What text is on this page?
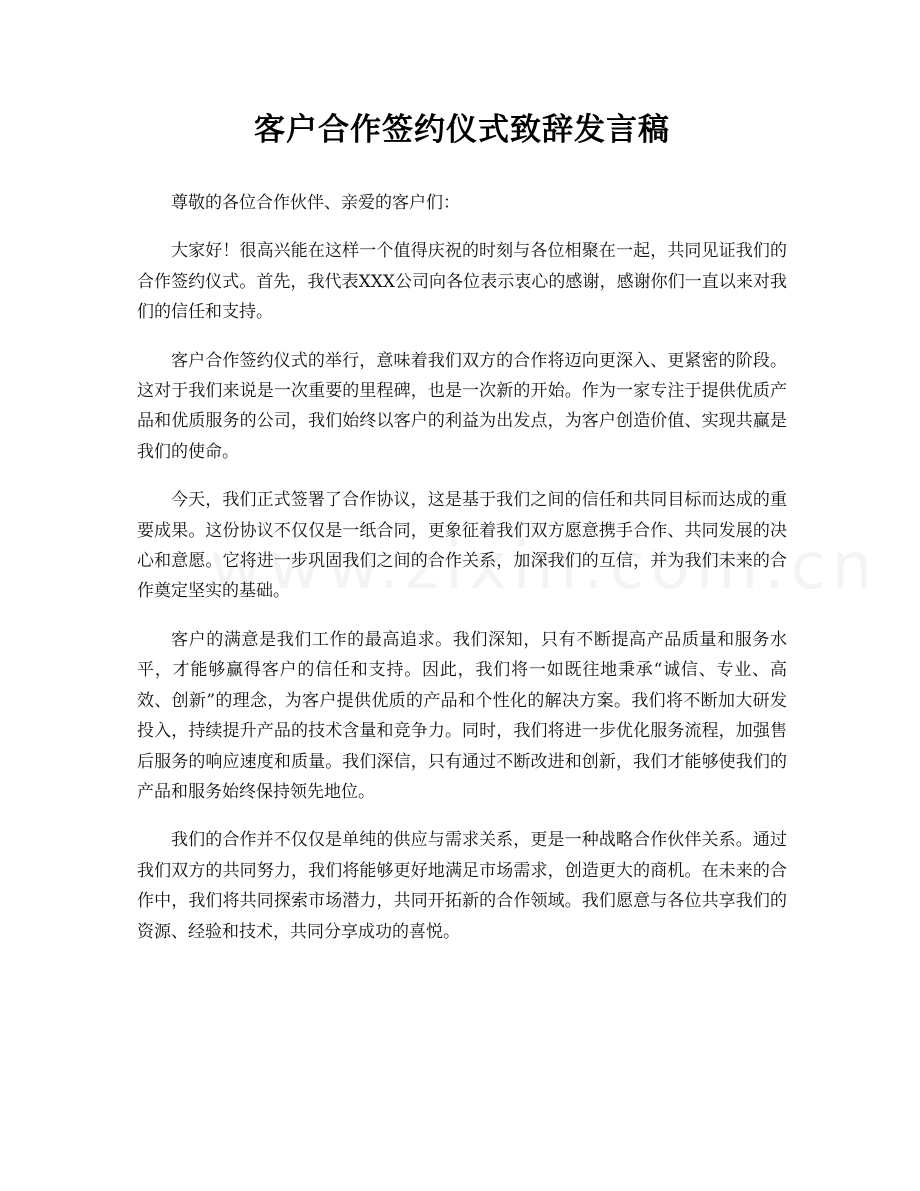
客户合作签约仪式致辞发言稿

尊敬的各位合作伙伴、亲爱的客户们：

大家好！很高兴能在这样一个值得庆祝的时刻与各位相聚在一起，共同见证我们的合作签约仪式。首先，我代表XXX公司向各位表示衷心的感谢，感谢你们一直以来对我们的信任和支持。

客户合作签约仪式的举行，意味着我们双方的合作将迈向更深入、更紧密的阶段。这对于我们来说是一次重要的里程碑，也是一次新的开始。作为一家专注于提供优质产品和优质服务的公司，我们始终以客户的利益为出发点，为客户创造价值、实现共赢是我们的使命。

今天，我们正式签署了合作协议，这是基于我们之间的信任和共同目标而达成的重要成果。这份协议不仅仅是一纸合同，更象征着我们双方愿意携手合作、共同发展的决心和意愿。它将进一步巩固我们之间的合作关系，加深我们的互信，并为我们未来的合作奠定坚实的基础。

客户的满意是我们工作的最高追求。我们深知，只有不断提高产品质量和服务水平，才能够赢得客户的信任和支持。因此，我们将一如既往地秉承“诚信、专业、高效、创新”的理念，为客户提供优质的产品和个性化的解决方案。我们将不断加大研发投入，持续提升产品的技术含量和竞争力。同时，我们将进一步优化服务流程，加强售后服务的响应速度和质量。我们深信，只有通过不断改进和创新，我们才能够使我们的产品和服务始终保持领先地位。

我们的合作并不仅仅是单纯的供应与需求关系，更是一种战略合作伙伴关系。通过我们双方的共同努力，我们将能够更好地满足市场需求，创造更大的商机。在未来的合作中，我们将共同探索市场潜力，共同开拓新的合作领域。我们愿意与各位共享我们的资源、经验和技术，共同分享成功的喜悦。
